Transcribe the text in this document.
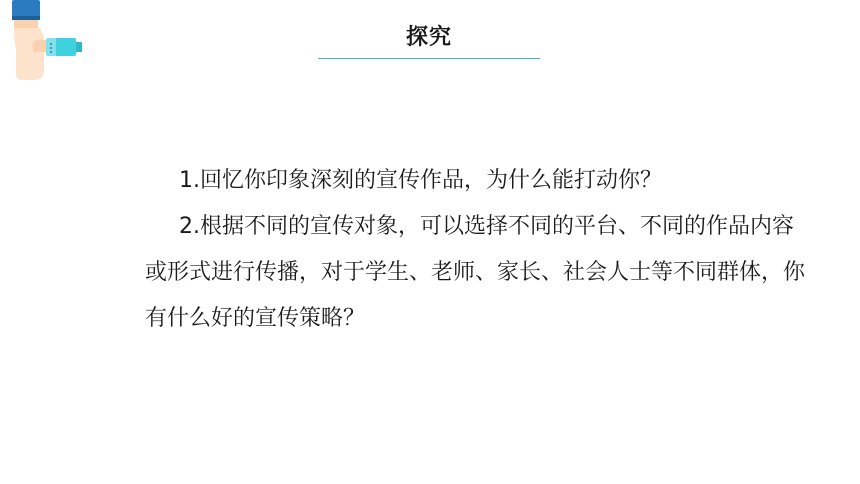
探究

1.回忆你印象深刻的宣传作品，为什么能打动你？

2.根据不同的宣传对象，可以选择不同的平台、不同的作品内容或形式进行传播，对于学生、老师、家长、社会人士等不同群体，你有什么好的宣传策略？
